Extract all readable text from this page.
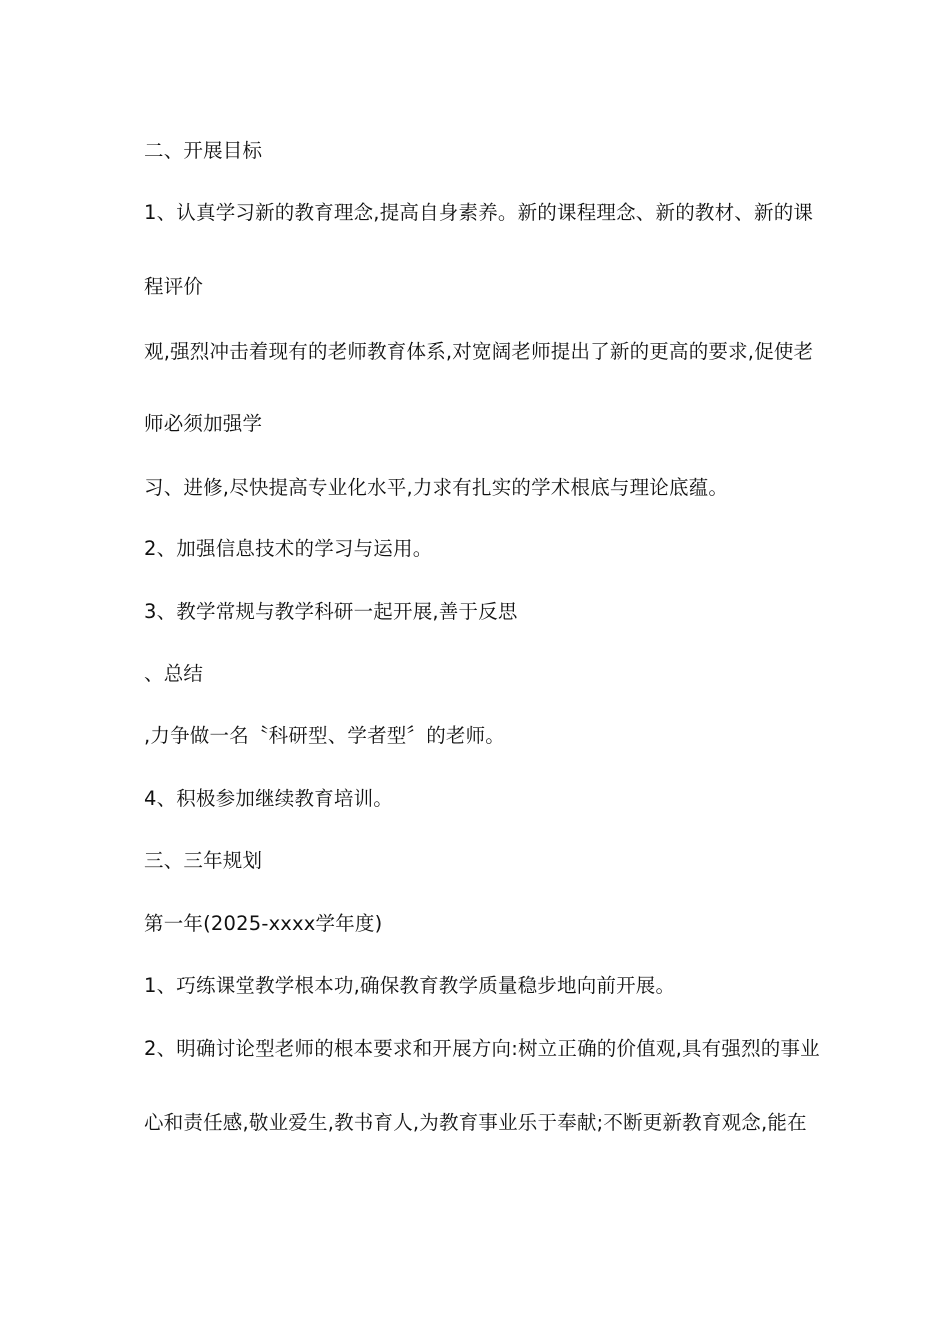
二、开展目标
1、认真学习新的教育理念,提高自身素养。新的课程理念、新的教材、新的课
程评价
观,强烈冲击着现有的老师教育体系,对宽阔老师提出了新的更高的要求,促使老
师必须加强学
习、进修,尽快提高专业化水平,力求有扎实的学术根底与理论底蕴。
2、加强信息技术的学习与运用。
3、教学常规与教学科研一起开展,善于反思
、总结
,力争做一名〝科研型、学者型〞的老师。
4、积极参加继续教育培训。
三、三年规划
第一年(2025-xxxx学年度)
1、巧练课堂教学根本功,确保教育教学质量稳步地向前开展。
2、明确讨论型老师的根本要求和开展方向:树立正确的价值观,具有强烈的事业
心和责任感,敬业爱生,教书育人,为教育事业乐于奉献;不断更新教育观念,能在
